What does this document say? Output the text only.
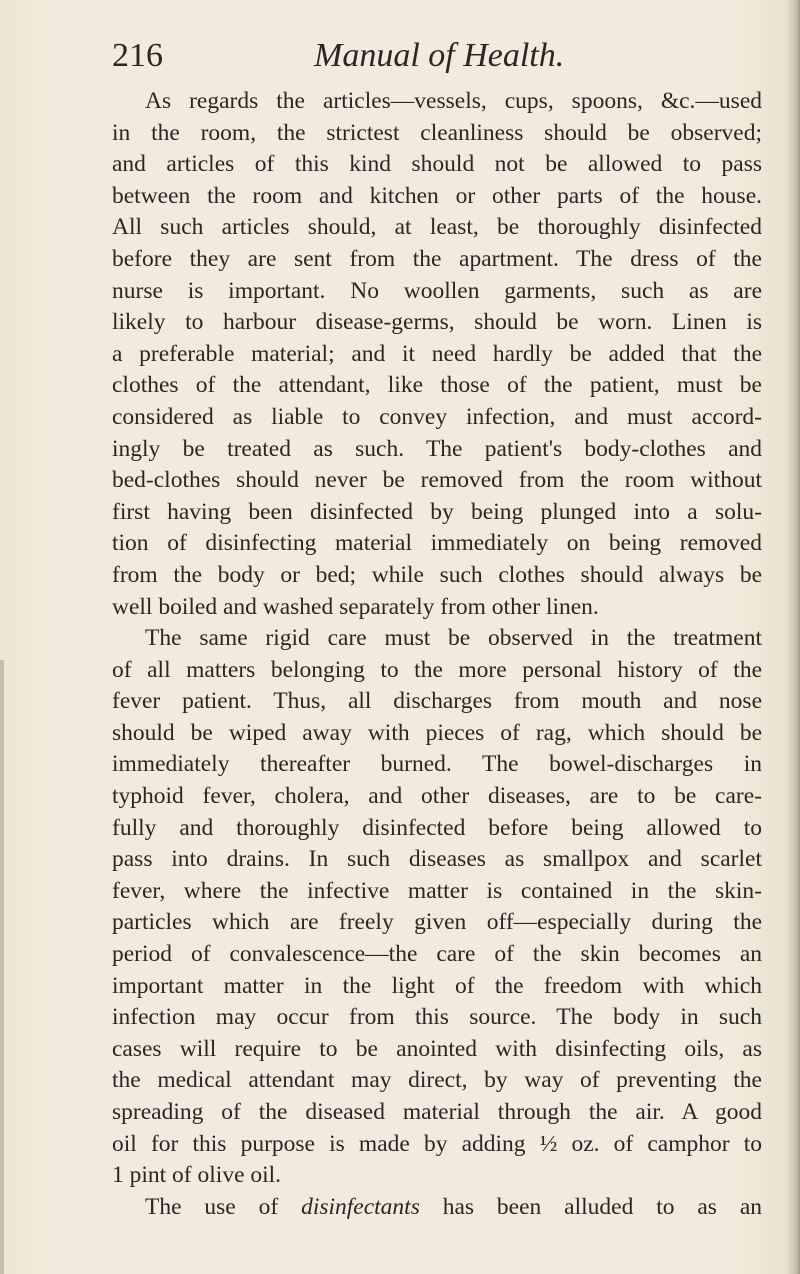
216	Manual of Health.
As regards the articles—vessels, cups, spoons, &c.—used
in the room, the strictest cleanliness should be observed;
and articles of this kind should not be allowed to pass
between the room and kitchen or other parts of the house.
All such articles should, at least, be thoroughly disinfected
before they are sent from the apartment. The dress of the
nurse is important. No woollen garments, such as are
likely to harbour disease-germs, should be worn. Linen is
a preferable material; and it need hardly be added that the
clothes of the attendant, like those of the patient, must be
considered as liable to convey infection, and must accord-
ingly be treated as such. The patient's body-clothes and
bed-clothes should never be removed from the room without
first having been disinfected by being plunged into a solu-
tion of disinfecting material immediately on being removed
from the body or bed; while such clothes should always be
well boiled and washed separately from other linen.
The same rigid care must be observed in the treatment
of all matters belonging to the more personal history of the
fever patient. Thus, all discharges from mouth and nose
should be wiped away with pieces of rag, which should be
immediately thereafter burned. The bowel-discharges in
typhoid fever, cholera, and other diseases, are to be care-
fully and thoroughly disinfected before being allowed to
pass into drains. In such diseases as smallpox and scarlet
fever, where the infective matter is contained in the skin-
particles which are freely given off—especially during the
period of convalescence—the care of the skin becomes an
important matter in the light of the freedom with which
infection may occur from this source. The body in such
cases will require to be anointed with disinfecting oils, as
the medical attendant may direct, by way of preventing the
spreading of the diseased material through the air. A good
oil for this purpose is made by adding ½ oz. of camphor to
1 pint of olive oil.
The use of disinfectants has been alluded to as an
